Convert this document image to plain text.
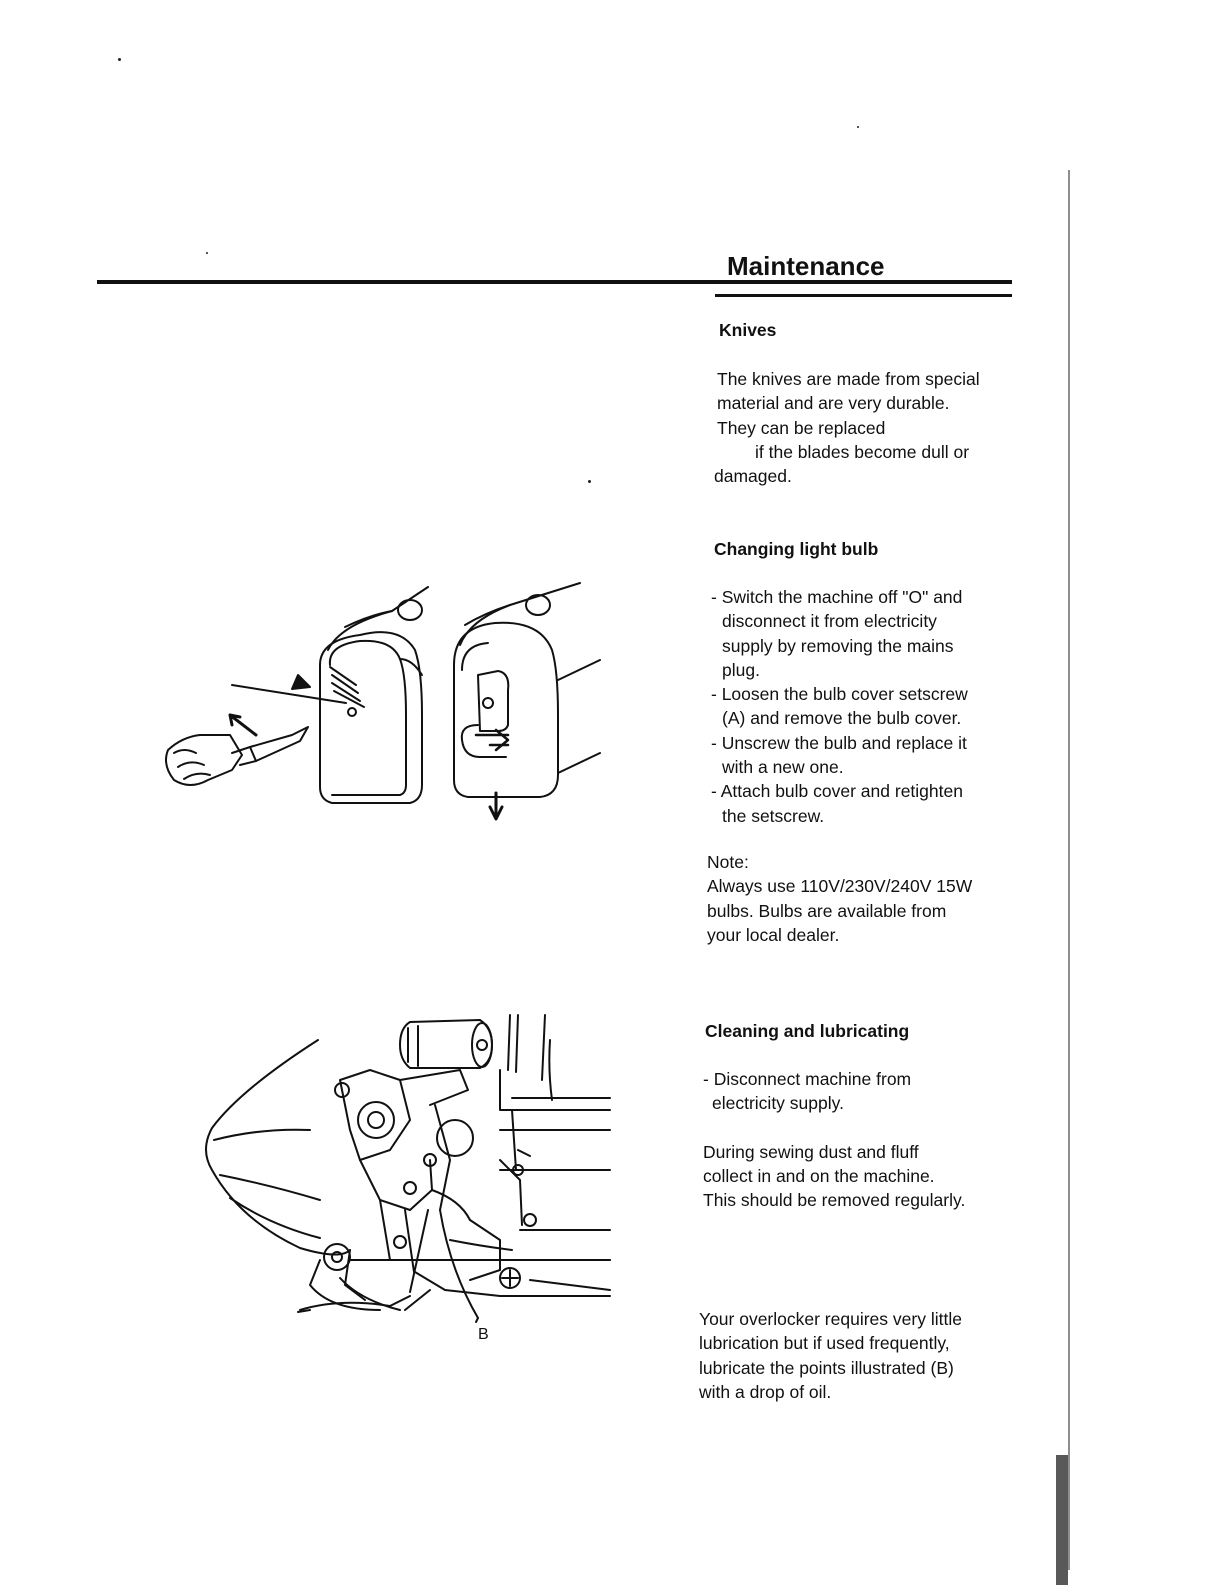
Maintenance
Knives
The knives are made from special
material and are very durable.
They can be replaced
if the blades become dull or
damaged.
Changing light bulb
- Switch the machine off "O" and
disconnect it from electricity
supply by removing the mains
plug.
- Loosen the bulb cover setscrew
(A) and remove the bulb cover.
- Unscrew the bulb and replace it
with a new one.
- Attach bulb cover and retighten
the setscrew.
Note:
Always use 110V/230V/240V 15W
bulbs. Bulbs are available from
your local dealer.
Cleaning and lubricating
- Disconnect machine from
electricity supply.
During sewing dust and fluff
collect in and on the machine.
This should be removed regularly.
Your overlocker requires very little
lubrication but if used frequently,
lubricate the points illustrated (B)
with a drop of oil.
B
